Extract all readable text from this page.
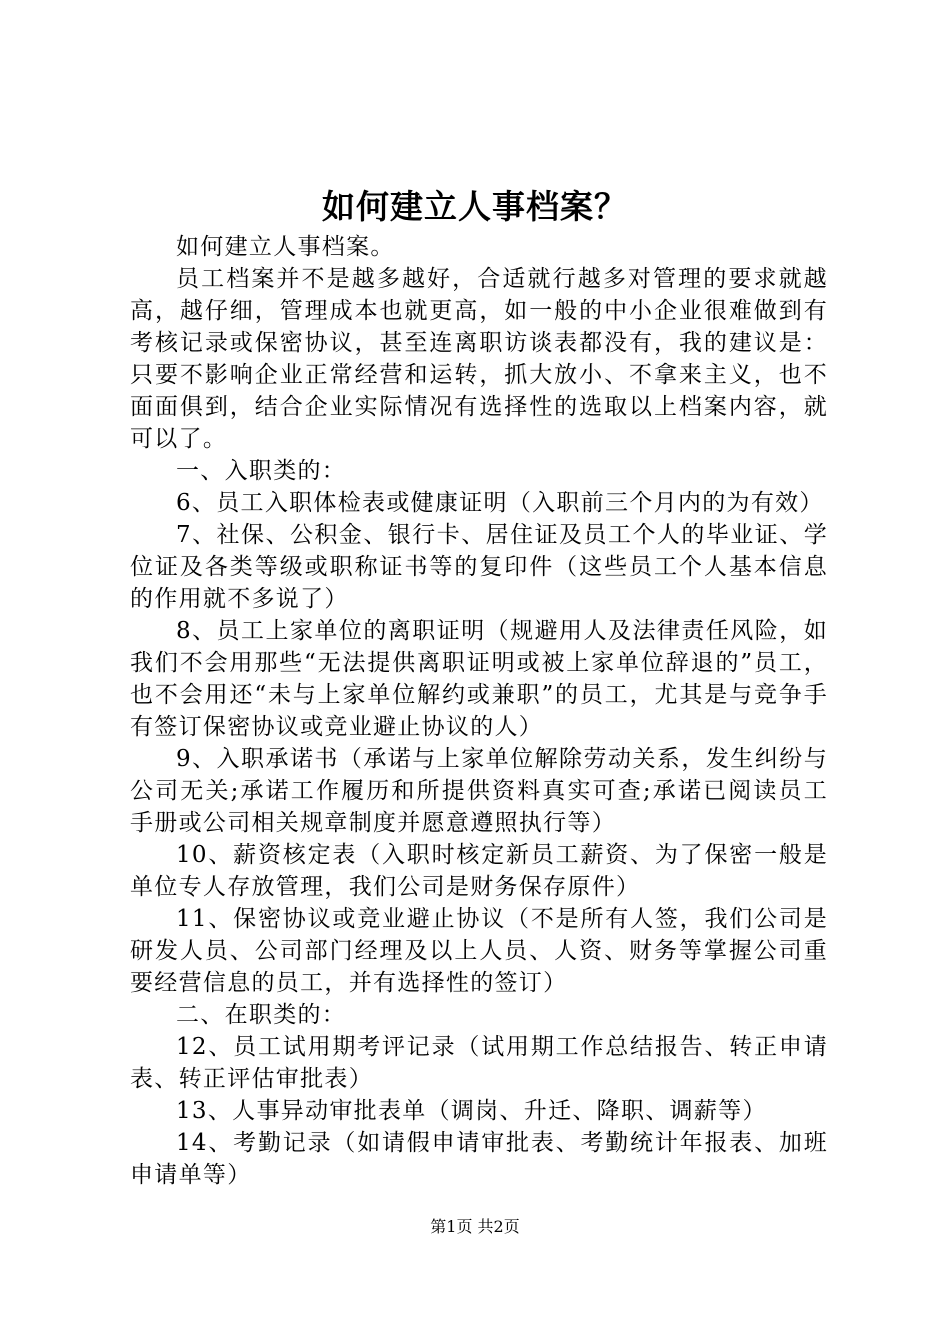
如何建立人事档案？

如何建立人事档案。

员工档案并不是越多越好，合适就行越多对管理的要求就越高，越仔细，管理成本也就更高，如一般的中小企业很难做到有考核记录或保密协议，甚至连离职访谈表都没有，我的建议是：只要不影响企业正常经营和运转，抓大放小、不拿来主义，也不面面俱到，结合企业实际情况有选择性的选取以上档案内容，就可以了。

一、入职类的：

6、员工入职体检表或健康证明（入职前三个月内的为有效）

7、社保、公积金、银行卡、居住证及员工个人的毕业证、学位证及各类等级或职称证书等的复印件（这些员工个人基本信息的作用就不多说了）

8、员工上家单位的离职证明（规避用人及法律责任风险，如我们不会用那些“无法提供离职证明或被上家单位辞退的”员工，也不会用还“未与上家单位解约或兼职”的员工，尤其是与竞争手有签订保密协议或竞业避止协议的人）

9、入职承诺书（承诺与上家单位解除劳动关系，发生纠纷与公司无关;承诺工作履历和所提供资料真实可查;承诺已阅读员工手册或公司相关规章制度并愿意遵照执行等）

10、薪资核定表（入职时核定新员工薪资、为了保密一般是单位专人存放管理，我们公司是财务保存原件）

11、保密协议或竞业避止协议（不是所有人签，我们公司是研发人员、公司部门经理及以上人员、人资、财务等掌握公司重要经营信息的员工，并有选择性的签订）

二、在职类的：

12、员工试用期考评记录（试用期工作总结报告、转正申请表、转正评估审批表）

13、人事异动审批表单（调岗、升迁、降职、调薪等）

14、考勤记录（如请假申请审批表、考勤统计年报表、加班申请单等）

第1页 共2页
